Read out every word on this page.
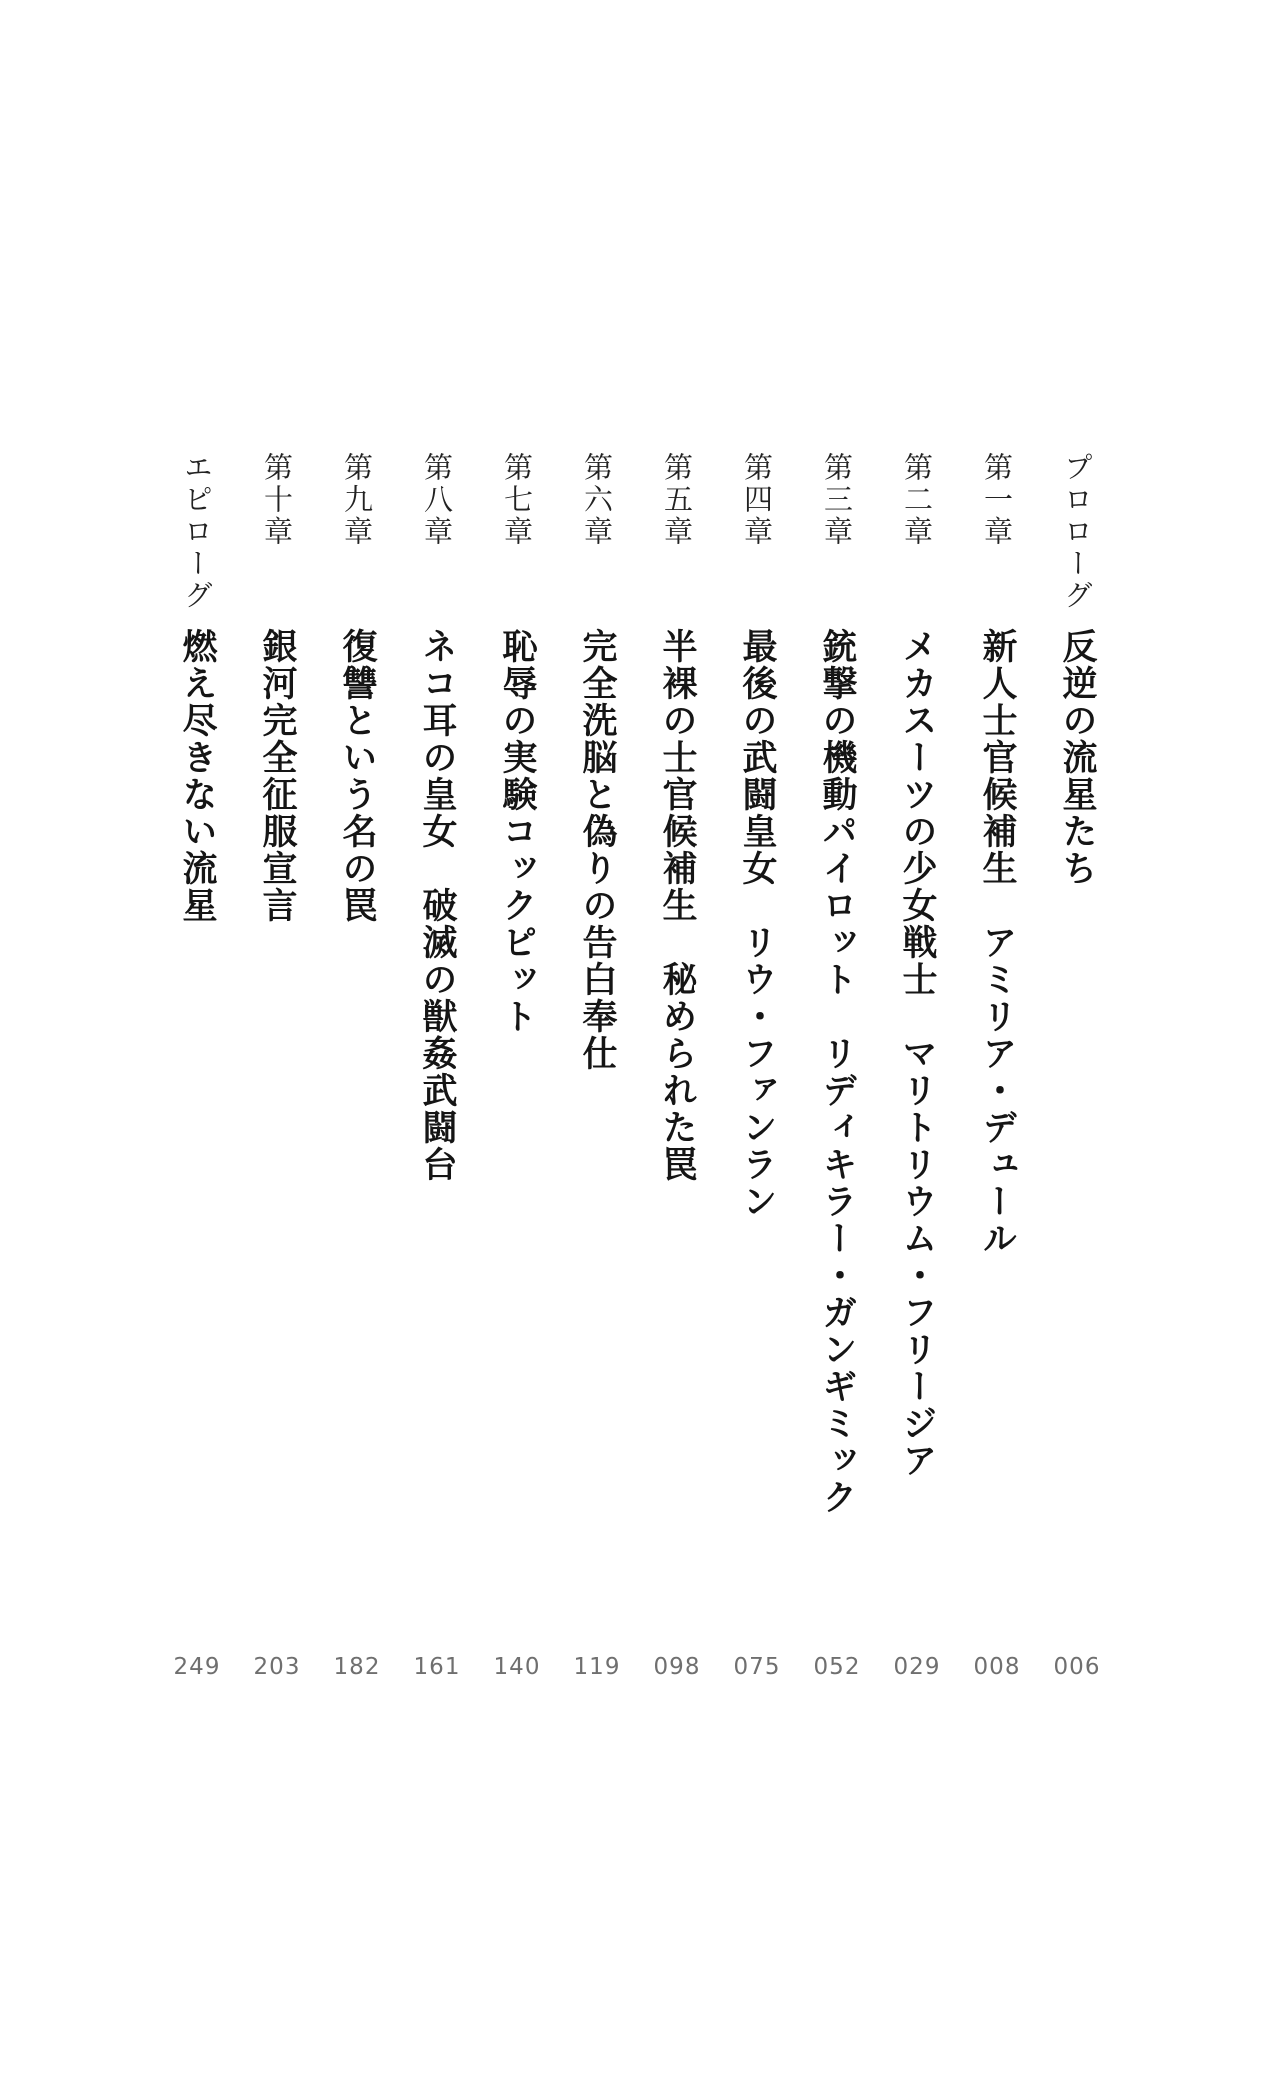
プロローグ
反逆の流星たち
006
第一章
新人士官候補生　アミリア・デュール
008
第二章
メカスーツの少女戦士　マリトリウム・フリージア
029
第三章
銃撃の機動パイロット　リディキラー・ガンギミック
052
第四章
最後の武闘皇女　リウ・ファンラン
075
第五章
半裸の士官候補生　秘められた罠
098
第六章
完全洗脳と偽りの告白奉仕
119
第七章
恥辱の実験コックピット
140
第八章
ネコ耳の皇女　破滅の獣姦武闘台
161
第九章
復讐という名の罠
182
第十章
銀河完全征服宣言
203
エピローグ
燃え尽きない流星
249
